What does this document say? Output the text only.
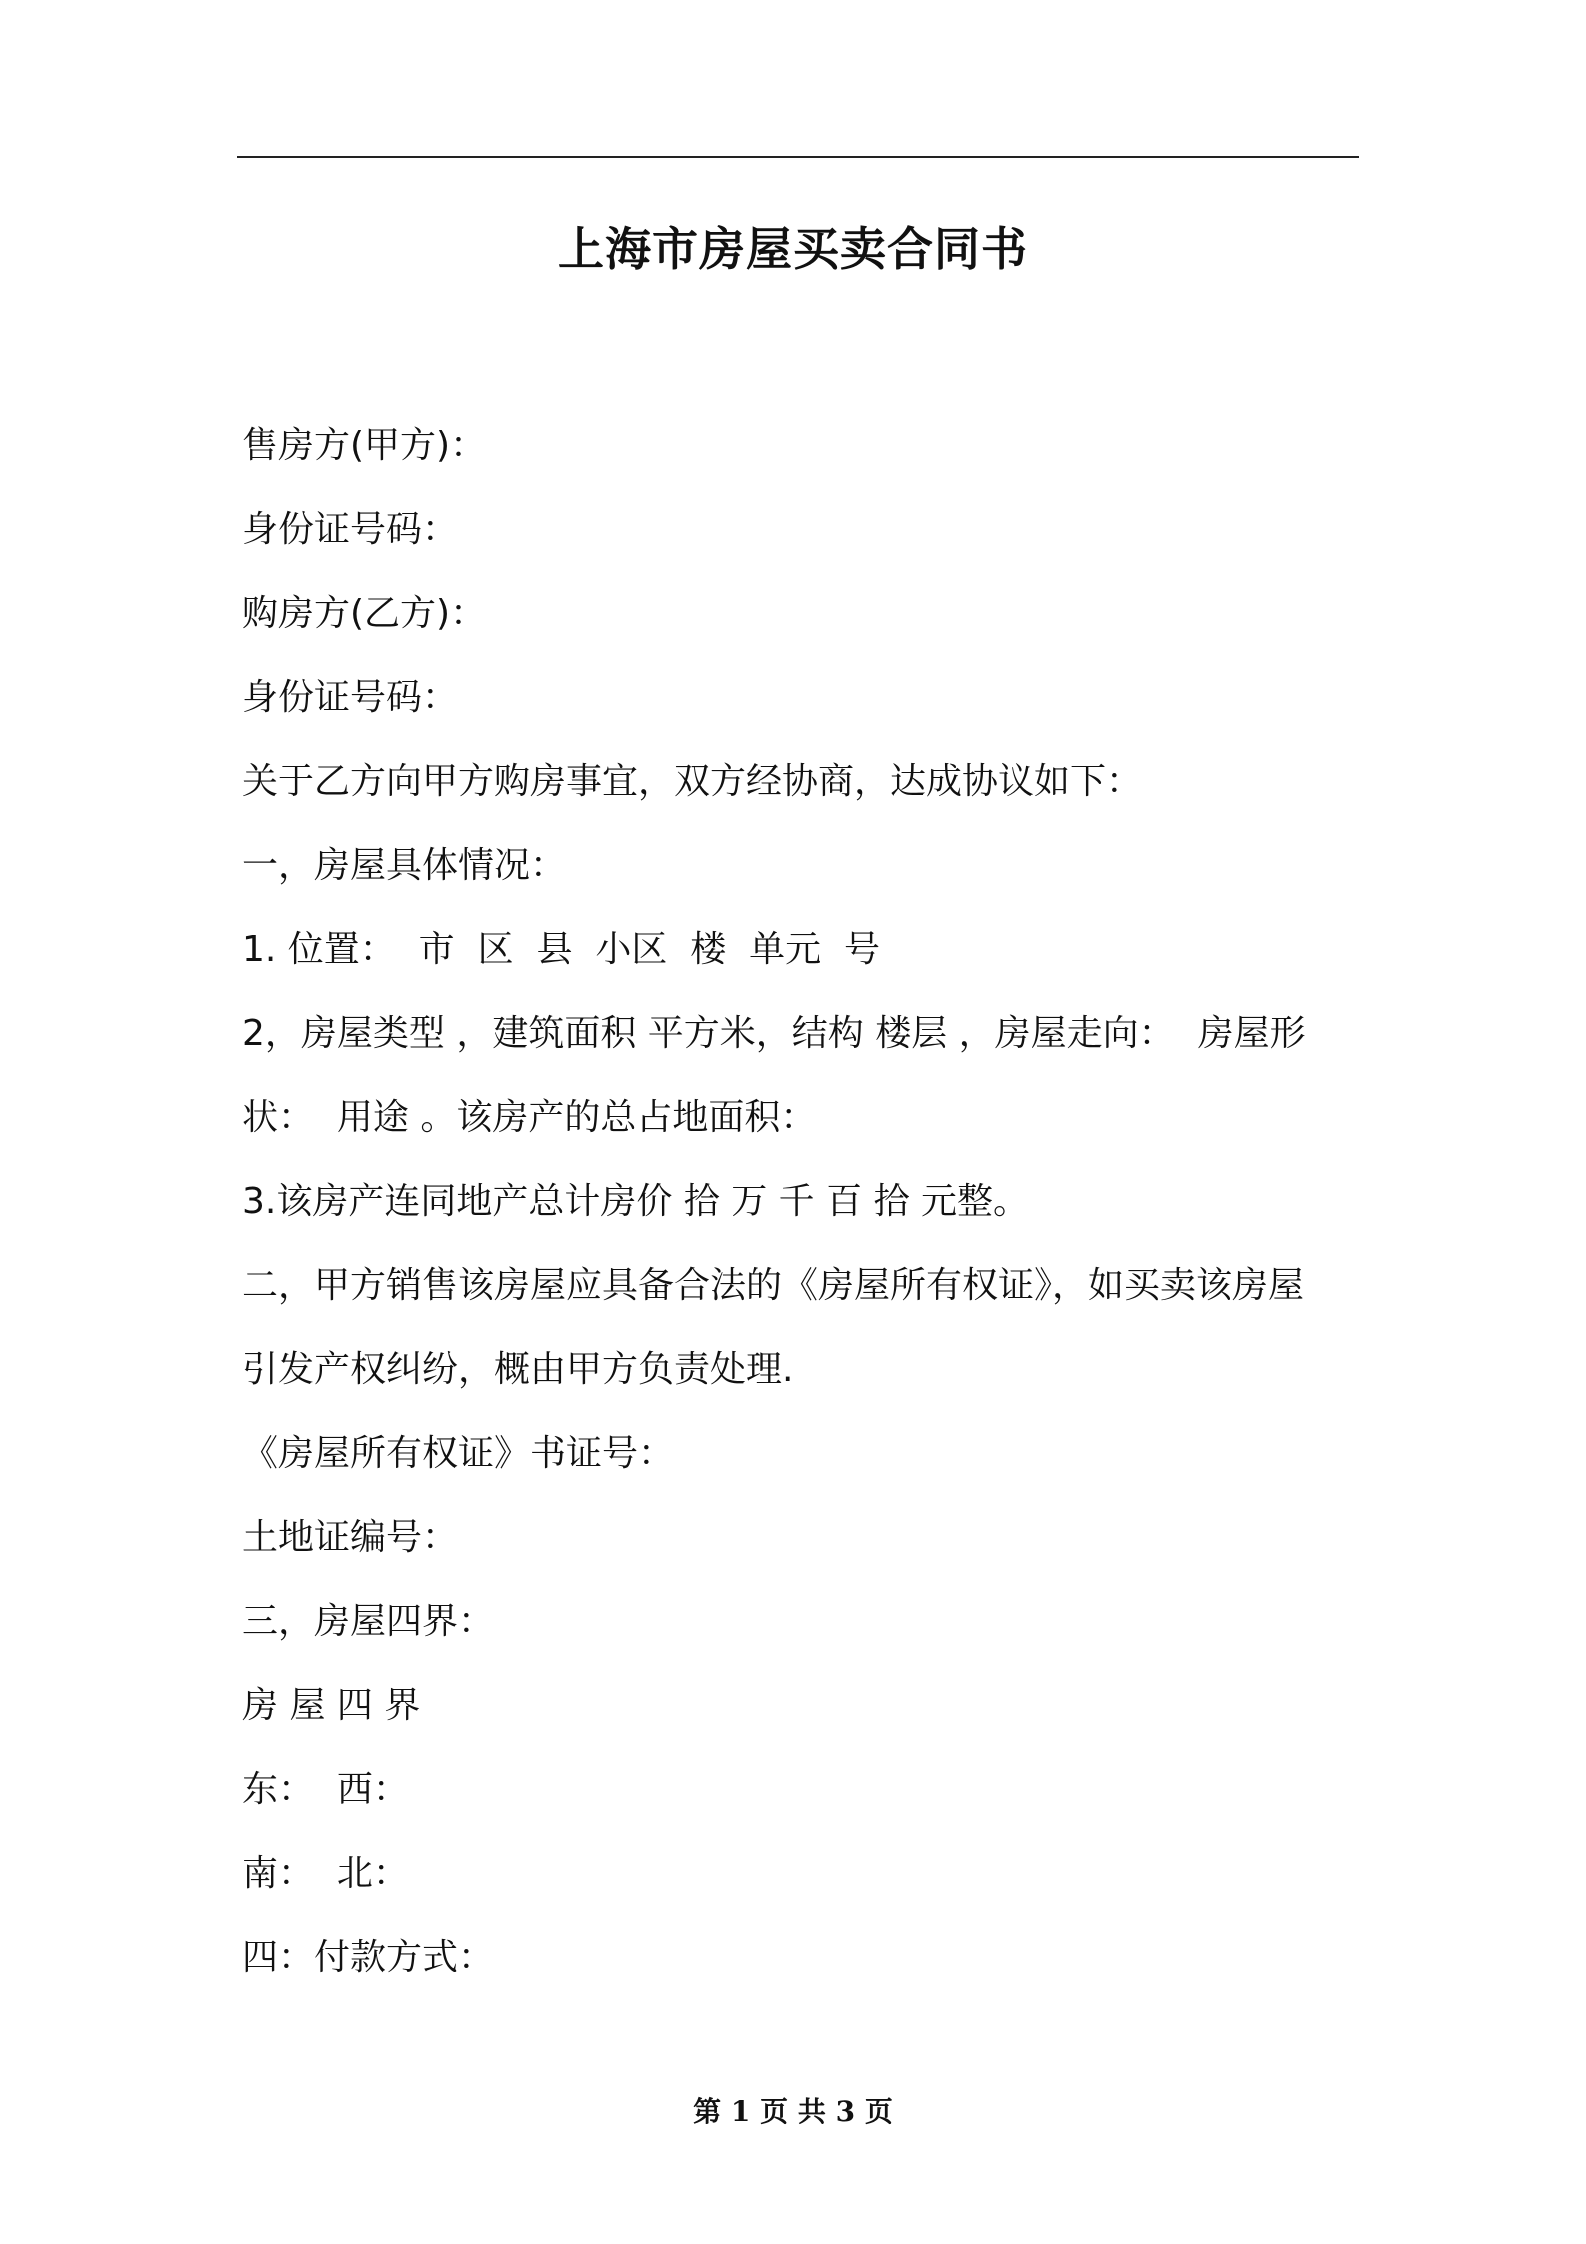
上海市房屋买卖合同书
售房方(甲方)：
身份证号码：
购房方(乙方)：
身份证号码：
关于乙方向甲方购房事宜，双方经协商，达成协议如下：
一，房屋具体情况：
1. 位置：  市  区  县  小区  楼  单元  号
2，房屋类型 ，建筑面积 平方米，结构 楼层 ，房屋走向：  房屋形
状：  用途 。该房产的总占地面积：
3.该房产连同地产总计房价 拾 万 千 百 拾 元整。
二，甲方销售该房屋应具备合法的《房屋所有权证》，如买卖该房屋
引发产权纠纷，概由甲方负责处理.
《房屋所有权证》书证号：
土地证编号：
三，房屋四界：
房 屋 四 界
东：  西：
南：  北：
四：付款方式：
第 1 页 共 3 页
